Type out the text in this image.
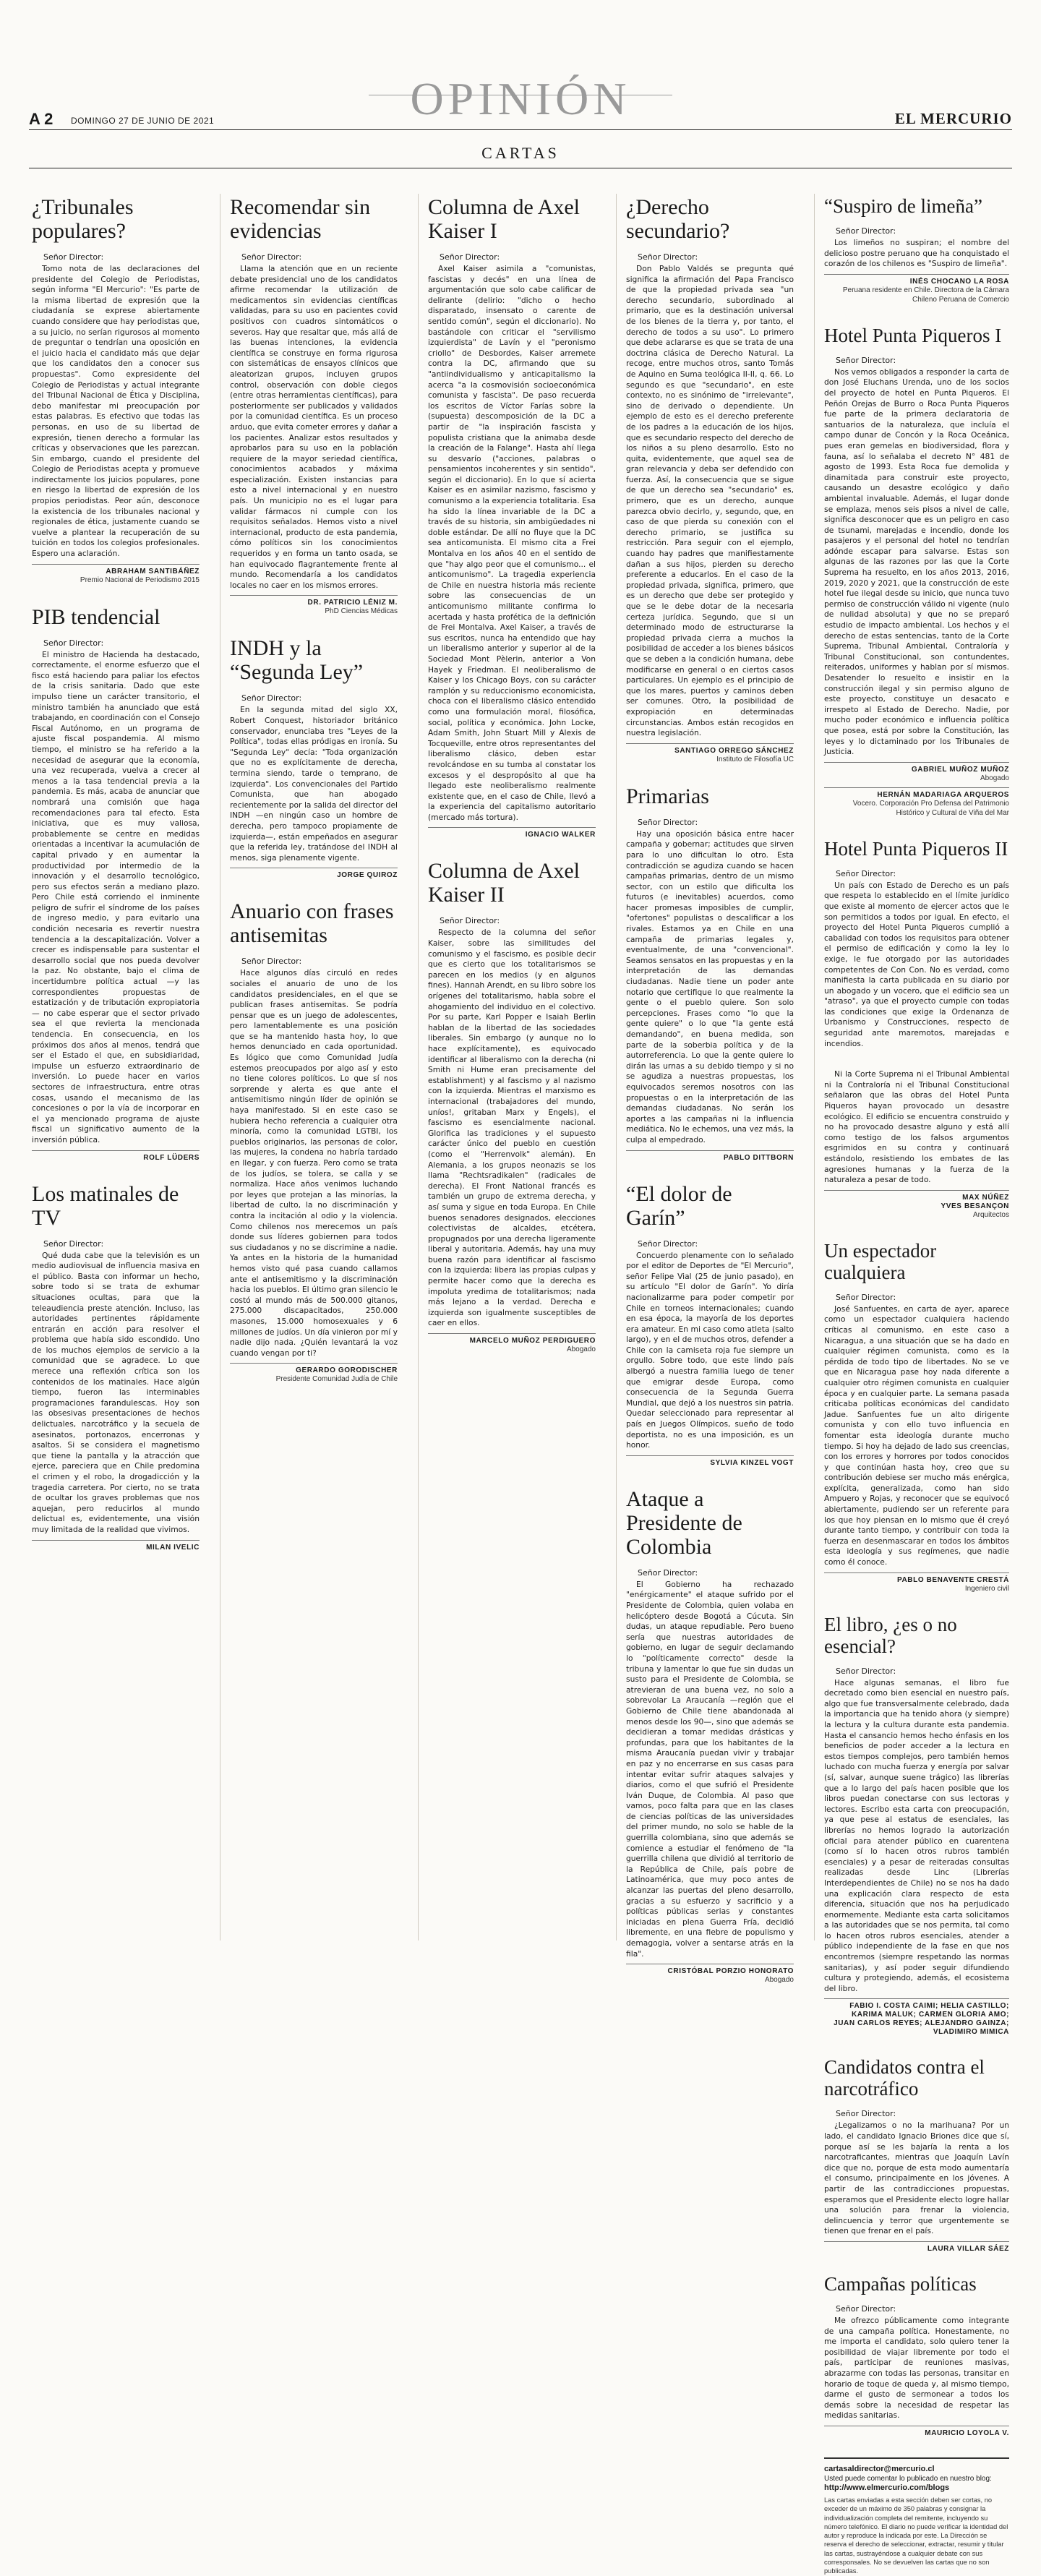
OPINIÓN
A 2 DOMINGO 27 DE JUNIO DE 2021	EL MERCURIO
CARTAS
¿Tribunales populares?

Señor Director:

Tomo nota de las declaraciones del presidente del Colegio de Periodistas, según informa "El Mercurio": "Es parte de la misma libertad de expresión que la ciudadanía se exprese abiertamente cuando considere que hay periodistas que, a su juicio, no serían rigurosos al momento de preguntar o tendrían una oposición en el juicio hacia el candidato más que dejar que los candidatos den a conocer sus propuestas". Como expresidente del Colegio de Periodistas y actual integrante del Tribunal Nacional de Ética y Disciplina, debo manifestar mi preocupación por estas palabras. Es efectivo que todas las personas, en uso de su libertad de expresión, tienen derecho a formular las críticas y observaciones que les parezcan. Sin embargo, cuando el presidente del Colegio de Periodistas acepta y promueve indirectamente los juicios populares, pone en riesgo la libertad de expresión de los propios periodistas. Peor aún, desconoce la existencia de los tribunales nacional y regionales de ética, justamente cuando se vuelve a plantear la recuperación de su tuición en todos los colegios profesionales. Espero una aclaración.

ABRAHAM SANTIBÁÑEZ
Premio Nacional de Periodismo 2015
PIB tendencial

Señor Director:

El ministro de Hacienda ha destacado, correctamente, el enorme esfuerzo que el fisco está haciendo para paliar los efectos de la crisis sanitaria. Dado que este impulso tiene un carácter transitorio, el ministro también ha anunciado que está trabajando, en coordinación con el Consejo Fiscal Autónomo, en un programa de ajuste fiscal pospandemia. Al mismo tiempo, el ministro se ha referido a la necesidad de asegurar que la economía, una vez recuperada, vuelva a crecer al menos a la tasa tendencial previa a la pandemia. Es más, acaba de anunciar que nombrará una comisión que haga recomendaciones para tal efecto. Esta iniciativa, que es muy valiosa, probablemente se centre en medidas orientadas a incentivar la acumulación de capital privado y en aumentar la productividad por intermedio de la innovación y el desarrollo tecnológico, pero sus efectos serán a mediano plazo. Pero Chile está corriendo el inminente peligro de sufrir el síndrome de los países de ingreso medio, y para evitarlo una condición necesaria es revertir nuestra tendencia a la descapitalización. Volver a crecer es indispensable para sustentar el desarrollo social que nos pueda devolver la paz. No obstante, bajo el clima de incertidumbre política actual —y las correspondientes propuestas de estatización y de tributación expropiatoria— no cabe esperar que el sector privado sea el que revierta la mencionada tendencia. En consecuencia, en los próximos dos años al menos, tendrá que ser el Estado el que, en subsidiaridad, impulse un esfuerzo extraordinario de inversión. Lo puede hacer en varios sectores de infraestructura, entre otras cosas, usando el mecanismo de las concesiones o por la vía de incorporar en el ya mencionado programa de ajuste fiscal un significativo aumento de la inversión pública.

ROLF LÜDERS
Los matinales de TV

Señor Director:

Qué duda cabe que la televisión es un medio audiovisual de influencia masiva en el público. Basta con informar un hecho, sobre todo si se trata de exhumar situaciones ocultas, para que la teleaudiencia preste atención. Incluso, las autoridades pertinentes rápidamente entrarán en acción para resolver el problema que había sido escondido. Uno de los muchos ejemplos de servicio a la comunidad que se agradece. Lo que merece una reflexión crítica son los contenidos de los matinales. Hace algún tiempo, fueron las interminables programaciones farandulescas. Hoy son las obsesivas presentaciones de hechos delictuales, narcotráfico y la secuela de asesinatos, portonazos, encerronas y asaltos. Si se considera el magnetismo que tiene la pantalla y la atracción que ejerce, pareciera que en Chile predomina el crimen y el robo, la drogadicción y la tragedia carretera. Por cierto, no se trata de ocultar los graves problemas que nos aquejan, pero reducirlos al mundo delictual es, evidentemente, una visión muy limitada de la realidad que vivimos.

MILAN IVELIC
Recomendar sin evidencias

Señor Director:

Llama la atención que en un reciente debate presidencial uno de los candidatos afirme recomendar la utilización de medicamentos sin evidencias científicas validadas, para su uso en pacientes covid positivos con cuadros sintomáticos o severos. Hay que resaltar que, más allá de las buenas intenciones, la evidencia científica se construye en forma rigurosa con sistemáticas de ensayos clínicos que aleatorizan grupos, incluyen grupos control, observación con doble ciegos (entre otras herramientas científicas), para posteriormente ser publicados y validados por la comunidad científica. Es un proceso arduo, que evita cometer errores y dañar a los pacientes. Analizar estos resultados y aprobarlos para su uso en la población requiere de la mayor seriedad científica, conocimientos acabados y máxima especialización. Existen instancias para esto a nivel internacional y en nuestro país. Un municipio no es el lugar para validar fármacos ni cumple con los requisitos señalados. Hemos visto a nivel internacional, producto de esta pandemia, cómo políticos sin los conocimientos requeridos y en forma un tanto osada, se han equivocado flagrantemente frente al mundo. Recomendaría a los candidatos locales no caer en los mismos errores.

DR. PATRICIO LÉNIZ M.
PhD Ciencias Médicas
INDH y la “Segunda Ley”

Señor Director:

En la segunda mitad del siglo XX, Robert Conquest, historiador británico conservador, enunciaba tres "Leyes de la Política", todas ellas pródigas en ironía. Su "Segunda Ley" decía: "Toda organización que no es explícitamente de derecha, termina siendo, tarde o temprano, de izquierda". Los convencionales del Partido Comunista, que han abogado recientemente por la salida del director del INDH —en ningún caso un hombre de derecha, pero tampoco propiamente de izquierda—, están empeñados en asegurar que la referida ley, tratándose del INDH al menos, siga plenamente vigente.

JORGE QUIROZ
Anuario con frases antisemitas

Señor Director:

Hace algunos días circuló en redes sociales el anuario de uno de los candidatos presidenciales, en el que se publican frases antisemitas. Se podría pensar que es un juego de adolescentes, pero lamentablemente es una posición que se ha mantenido hasta hoy, lo que hemos denunciado en cada oportunidad. Es lógico que como Comunidad Judía estemos preocupados por algo así y esto no tiene colores políticos. Lo que sí nos sorprende y alerta es que ante el antisemitismo ningún líder de opinión se haya manifestado. Si en este caso se hubiera hecho referencia a cualquier otra minoría, como la comunidad LGTBI, los pueblos originarios, las personas de color, las mujeres, la condena no habría tardado en llegar, y con fuerza. Pero como se trata de los judíos, se tolera, se calla y se normaliza. Hace años venimos luchando por leyes que protejan a las minorías, la libertad de culto, la no discriminación y contra la incitación al odio y la violencia. Como chilenos nos merecemos un país donde sus líderes gobiernen para todos sus ciudadanos y no se discrimine a nadie. Ya antes en la historia de la humanidad hemos visto qué pasa cuando callamos ante el antisemitismo y la discriminación hacia los pueblos. El último gran silencio le costó al mundo más de 500.000 gitanos, 275.000 discapacitados, 250.000 masones, 15.000 homosexuales y 6 millones de judíos. Un día vinieron por mí y nadie dijo nada. ¿Quién levantará la voz cuando vengan por ti?

GERARDO GORODISCHER
Presidente Comunidad Judía de Chile
Columna de Axel Kaiser I

Señor Director:

Axel Kaiser asimila a "comunistas, fascistas y decés" en una línea de argumentación que solo cabe calificar de delirante (delirio: "dicho o hecho disparatado, insensato o carente de sentido común", según el diccionario). No bastándole con criticar el "servilismo izquierdista" de Lavín y el "peronismo criollo" de Desbordes, Kaiser arremete contra la DC, afirmando que su "antiindividualismo y anticapitalismo la acerca "a la cosmovisión socioeconómica comunista y fascista". De paso recuerda los escritos de Víctor Farías sobre la (supuesta) descomposición de la DC a partir de "la inspiración fascista y populista cristiana que la animaba desde la creación de la Falange". Hasta ahí llega su desvarío ("acciones, palabras o pensamientos incoherentes y sin sentido", según el diccionario). En lo que sí acierta Kaiser es en asimilar nazismo, fascismo y comunismo a la experiencia totalitaria. Esa ha sido la línea invariable de la DC a través de su historia, sin ambigüedades ni doble estándar. De allí no fluye que la DC sea anticomunista. El mismo cita a Frei Montalva en los años 40 en el sentido de que "hay algo peor que el comunismo... el anticomunismo". La tragedia experiencia de Chile en nuestra historia más reciente sobre las consecuencias de un anticomunismo militante confirma lo acertada y hasta profética de la definición de Frei Montalva. Axel Kaiser, a través de sus escritos, nunca ha entendido que hay un liberalismo anterior y superior al de la Sociedad Mont Pèlerin, anterior a Von Hayek y Friedman. El neoliberalismo de Kaiser y los Chicago Boys, con su carácter ramplón y su reduccionismo economicista, choca con el liberalismo clásico entendido como una formulación moral, filosófica, social, política y económica. John Locke, Adam Smith, John Stuart Mill y Alexis de Tocqueville, entre otros representantes del liberalismo clásico, deben estar revolcándose en su tumba al constatar los excesos y el despropósito al que ha llegado este neoliberalismo realmente existente que, en el caso de Chile, llevó a la experiencia del capitalismo autoritario (mercado más tortura).

IGNACIO WALKER
Columna de Axel Kaiser II

Señor Director:

Respecto de la columna del señor Kaiser, sobre las similitudes del comunismo y el fascismo, es posible decir que es cierto que los totalitarismos se parecen en los medios (y en algunos fines). Hannah Arendt, en su libro sobre los orígenes del totalitarismo, habla sobre el ahogamiento del individuo en el colectivo. Por su parte, Karl Popper e Isaiah Berlin hablan de la libertad de las sociedades liberales. Sin embargo (y aunque no lo hace explícitamente), es equivocado identificar al liberalismo con la derecha (ni Smith ni Hume eran precisamente del establishment) y al fascismo y al nazismo con la izquierda. Mientras el marxismo es internacional (trabajadores del mundo, uníos!, gritaban Marx y Engels), el fascismo es esencialmente nacional. Glorifica las tradiciones y el supuesto carácter único del pueblo en cuestión (como el "Herrenvolk" alemán). En Alemania, a los grupos neonazis se los llama "Rechtsradikalen" (radicales de derecha). El Front National francés es también un grupo de extrema derecha, y así suma y sigue en toda Europa. En Chile buenos senadores designados, elecciones colectivistas de alcaldes, etcétera, propugnados por una derecha ligeramente liberal y autoritaria. Además, hay una muy buena razón para identificar al fascismo con la izquierda: libera las propias culpas y permite hacer como que la derecha es impoluta yredima de totalitarismos; nada más lejano a la verdad. Derecha e izquierda son igualmente susceptibles de caer en ellos.

MARCELO MUÑOZ PERDIGUERO
Abogado
¿Derecho secundario?

Señor Director:

Don Pablo Valdés se pregunta qué significa la afirmación del Papa Francisco de que la propiedad privada sea "un derecho secundario, subordinado al primario, que es la destinación universal de los bienes de la tierra y, por tanto, el derecho de todos a su uso". Lo primero que debe aclararse es que se trata de una doctrina clásica de Derecho Natural. La recoge, entre muchos otros, santo Tomás de Aquino en Suma teológica II-II, q. 66. Lo segundo es que "secundario", en este contexto, no es sinónimo de "irrelevante", sino de derivado o dependiente. Un ejemplo de esto es el derecho preferente de los padres a la educación de los hijos, que es secundario respecto del derecho de los niños a su pleno desarrollo. Esto no quita, evidentemente, que aquel sea de gran relevancia y deba ser defendido con fuerza. Así, la consecuencia que se sigue de que un derecho sea "secundario" es, primero, que es un derecho, aunque parezca obvio decirlo, y, segundo, que, en caso de que pierda su conexión con el derecho primario, se justifica su restricción. Para seguir con el ejemplo, cuando hay padres que manifiestamente dañan a sus hijos, pierden su derecho preferente a educarlos. En el caso de la propiedad privada, significa, primero, que es un derecho que debe ser protegido y que se le debe dotar de la necesaria certeza jurídica. Segundo, que si un determinado modo de estructurarse la propiedad privada cierra a muchos la posibilidad de acceder a los bienes básicos que se deben a la condición humana, debe modificarse en general o en ciertos casos particulares. Un ejemplo es el principio de que los mares, puertos y caminos deben ser comunes. Otro, la posibilidad de expropiación en determinadas circunstancias. Ambos están recogidos en nuestra legislación.

SANTIAGO ORREGO SÁNCHEZ
Instituto de Filosofía UC
Primarias

Señor Director:

Hay una oposición básica entre hacer campaña y gobernar; actitudes que sirven para lo uno dificultan lo otro. Esta contradicción se agudiza cuando se hacen campañas primarias, dentro de un mismo sector, con un estilo que dificulta los futuros (e inevitables) acuerdos, como hacer promesas imposibles de cumplir, "ofertones" populistas o descalificar a los rivales. Estamos ya en Chile en una campaña de primarias legales y, eventualmente, de una "convencional". Seamos sensatos en las propuestas y en la interpretación de las demandas ciudadanas. Nadie tiene un poder ante notario que certifique lo que realmente la gente o el pueblo quiere. Son solo percepciones. Frases como "lo que la gente quiere" o lo que "la gente está demandando", en buena medida, son parte de la soberbia política y de la autorreferencia. Lo que la gente quiere lo dirán las urnas a su debido tiempo y si no se agudiza a nuestras propuestas, los equivocados seremos nosotros con las propuestas o en la interpretación de las demandas ciudadanas. No serán los aportes a las campañas ni la influencia mediática. No le echemos, una vez más, la culpa al empedrado.

PABLO DITTBORN
“El dolor de Garín”

Señor Director:

Concuerdo plenamente con lo señalado por el editor de Deportes de "El Mercurio", señor Felipe Vial (25 de junio pasado), en su artículo "El dolor de Garín". Yo diría nacionalizarme para poder competir por Chile en torneos internacionales; cuando en esa época, la mayoría de los deportes era amateur. En mi caso como atleta (salto largo), y en el de muchos otros, defender a Chile con la camiseta roja fue siempre un orgullo. Sobre todo, que este lindo país albergó a nuestra familia luego de tener que emigrar desde Europa, como consecuencia de la Segunda Guerra Mundial, que dejó a los nuestros sin patria. Quedar seleccionado para representar al país en Juegos Olímpicos, sueño de todo deportista, no es una imposición, es un honor.

SYLVIA KINZEL VOGT
Ataque a Presidente de Colombia

Señor Director:

El Gobierno ha rechazado "enérgicamente" el ataque sufrido por el Presidente de Colombia, quien volaba en helicóptero desde Bogotá a Cúcuta. Sin dudas, un ataque repudiable. Pero bueno sería que nuestras autoridades de gobierno, en lugar de seguir declamando lo "políticamente correcto" desde la tribuna y lamentar lo que fue sin dudas un susto para el Presidente de Colombia, se atrevieran de una buena vez, no solo a sobrevolar La Araucanía —región que el Gobierno de Chile tiene abandonada al menos desde los 90—, sino que además se decidieran a tomar medidas drásticas y profundas, para que los habitantes de la misma Araucanía puedan vivir y trabajar en paz y no encerrarse en sus casas para intentar evitar sufrir ataques salvajes y diarios, como el que sufrió el Presidente Iván Duque, de Colombia. Al paso que vamos, poco falta para que en las clases de ciencias políticas de las universidades del primer mundo, no solo se hable de la guerrilla colombiana, sino que además se comience a estudiar el fenómeno de "la guerrilla chilena que dividió al territorio de la República de Chile, país pobre de Latinoamérica, que muy poco antes de alcanzar las puertas del pleno desarrollo, gracias a su esfuerzo y sacrificio y a políticas públicas serias y constantes iniciadas en plena Guerra Fría, decidió libremente, en una fiebre de populismo y demagogia, volver a sentarse atrás en la fila".

CRISTÓBAL PORZIO HONORATO
Abogado
“Suspiro de limeña”

Señor Director:

Los limeños no suspiran; el nombre del delicioso postre peruano que ha conquistado el corazón de los chilenos es "Suspiro de limeña".

INÉS CHOCANO LA ROSA
Peruana residente en Chile. Directora de la Cámara Chileno Peruana de Comercio
Hotel Punta Piqueros I

Señor Director:

Nos vemos obligados a responder la carta de don José Eluchans Urenda, uno de los socios del proyecto de hotel en Punta Piqueros. El Peñón Orejas de Burro o Roca Punta Piqueros fue parte de la primera declaratoria de santuarios de la naturaleza, que incluía el campo dunar de Concón y la Roca Oceánica, pues eran gemelas en biodiversidad, flora y fauna, así lo señalaba el decreto N° 481 de agosto de 1993. Esta Roca fue demolida y dinamitada para construir este proyecto, causando un desastre ecológico y daño ambiental invaluable. Además, el lugar donde se emplaza, menos seis pisos a nivel de calle, significa desconocer que es un peligro en caso de tsunami, marejadas e incendio, donde los pasajeros y el personal del hotel no tendrían adónde escapar para salvarse. Estas son algunas de las razones por las que la Corte Suprema ha resuelto, en los años 2013, 2016, 2019, 2020 y 2021, que la construcción de este hotel fue ilegal desde su inicio, que nunca tuvo permiso de construcción válido ni vigente (nulo de nulidad absoluta) y que no se preparó estudio de impacto ambiental. Los hechos y el derecho de estas sentencias, tanto de la Corte Suprema, Tribunal Ambiental, Contraloría y Tribunal Constitucional, son contundentes, reiterados, uniformes y hablan por sí mismos. Desatender lo resuelto e insistir en la construcción ilegal y sin permiso alguno de este proyecto, constituye un desacato e irrespeto al Estado de Derecho. Nadie, por mucho poder económico e influencia política que posea, está por sobre la Constitución, las leyes y lo dictaminado por los Tribunales de Justicia.

GABRIEL MUÑOZ MUÑOZ
Abogado
HERNÁN MADARIAGA ARQUEROS
Vocero. Corporación Pro Defensa del Patrimonio Histórico y Cultural de Viña del Mar
Hotel Punta Piqueros II

Señor Director:

Un país con Estado de Derecho es un país que respeta lo establecido en el límite jurídico que existe al momento de ejercer actos que le son permitidos a todos por igual. En efecto, el proyecto del Hotel Punta Piqueros cumplió a cabalidad con todos los requisitos para obtener el permiso de edificación y como la ley lo exige, le fue otorgado por las autoridades competentes de Con Con. No es verdad, como manifiesta la carta publicada en su diario por un abogado y un vocero, que el edificio sea un "atraso", ya que el proyecto cumple con todas las condiciones que exige la Ordenanza de Urbanismo y Construcciones, respecto de seguridad ante maremotos, marejadas e incendios.

Ni la Corte Suprema ni el Tribunal Ambiental ni la Contraloría ni el Tribunal Constitucional señalaron que las obras del Hotel Punta Piqueros hayan provocado un desastre ecológico. El edificio se encuentra construido y no ha provocado desastre alguno y está allí como testigo de los falsos argumentos esgrimidos en su contra y continuará estándolo, resistiendo los embates de las agresiones humanas y la fuerza de la naturaleza a pesar de todo.

MAX NÚÑEZ
YVES BESANÇON
Arquitectos
Un espectador cualquiera

Señor Director:

José Sanfuentes, en carta de ayer, aparece como un espectador cualquiera haciendo críticas al comunismo, en este caso a Nicaragua, a una situación que se ha dado en cualquier régimen comunista, como es la pérdida de todo tipo de libertades. No se ve que en Nicaragua pase hoy nada diferente a cualquier otro régimen comunista en cualquier época y en cualquier parte. La semana pasada criticaba políticas económicas del candidato Jadue. Sanfuentes fue un alto dirigente comunista y con ello tuvo influencia en fomentar esta ideología durante mucho tiempo. Si hoy ha dejado de lado sus creencias, con los errores y horrores por todos conocidos y que continúan hasta hoy, creo que su contribución debiese ser mucho más enérgica, explícita, generalizada, como han sido Ampuero y Rojas, y reconocer que se equivocó abiertamente, pudiendo ser un referente para los que hoy piensan en lo mismo que él creyó durante tanto tiempo, y contribuir con toda la fuerza en desenmascarar en todos los ámbitos esta ideología y sus regímenes, que nadie como él conoce.

PABLO BENAVENTE CRESTÁ
Ingeniero civil
El libro, ¿es o no esencial?

Señor Director:

Hace algunas semanas, el libro fue decretado como bien esencial en nuestro país, algo que fue transversalmente celebrado, dada la importancia que ha tenido ahora (y siempre) la lectura y la cultura durante esta pandemia. Hasta el cansancio hemos hecho énfasis en los beneficios de poder acceder a la lectura en estos tiempos complejos, pero también hemos luchado con mucha fuerza y energía por salvar (sí, salvar, aunque suene trágico) las librerías que a lo largo del país hacen posible que los libros puedan conectarse con sus lectoras y lectores. Escribo esta carta con preocupación, ya que pese al estatus de esenciales, las librerías no hemos logrado la autorización oficial para atender público en cuarentena (como sí lo hacen otros rubros también esenciales) y a pesar de reiteradas consultas realizadas desde Linc (Librerías Interdependientes de Chile) no se nos ha dado una explicación clara respecto de esta diferencia, situación que nos ha perjudicado enormemente. Mediante esta carta solicitamos a las autoridades que se nos permita, tal como lo hacen otros rubros esenciales, atender a público independiente de la fase en que nos encontremos (siempre respetando las normas sanitarias), y así poder seguir difundiendo cultura y protegiendo, además, el ecosistema del libro.

FABIO I. COSTA CAIMI; HELIA CASTILLO;
KARIMA MALUK; CARMEN GLORIA AMO;
JUAN CARLOS REYES; ALEJANDRO GAINZA;
VLADIMIRO MIMICA
Candidatos contra el narcotráfico

Señor Director:

¿Legalizamos o no la marihuana? Por un lado, el candidato Ignacio Briones dice que sí, porque así se les bajaría la renta a los narcotraficantes, mientras que Joaquín Lavín dice que no, porque de esta modo aumentaría el consumo, principalmente en los jóvenes. A partir de las contradicciones propuestas, esperamos que el Presidente electo logre hallar una solución para frenar la violencia, delincuencia y terror que urgentemente se tienen que frenar en el país.

LAURA VILLAR SÁEZ
Campañas políticas

Señor Director:

Me ofrezco públicamente como integrante de una campaña política. Honestamente, no me importa el candidato, solo quiero tener la posibilidad de viajar libremente por todo el país, participar de reuniones masivas, abrazarme con todas las personas, transitar en horario de toque de queda y, al mismo tiempo, darme el gusto de sermonear a todos los demás sobre la necesidad de respetar las medidas sanitarias.

MAURICIO LOYOLA V.
cartasaldirector@mercurio.cl
Usted puede comentar lo publicado en nuestro blog:
http://www.elmercurio.com/blogs
Las cartas enviadas a esta sección deben ser cortas, no exceder de un máximo de 350 palabras y consignar la individualización completa del remitente, incluyendo su número telefónico. El diario no puede verificar la identidad del autor y reproduce la indicada por este. La Dirección se reserva el derecho de seleccionar, extractar, resumir y titular las cartas, sustrayéndose a cualquier debate con sus corresponsales. No se devuelven las cartas que no son publicadas.
